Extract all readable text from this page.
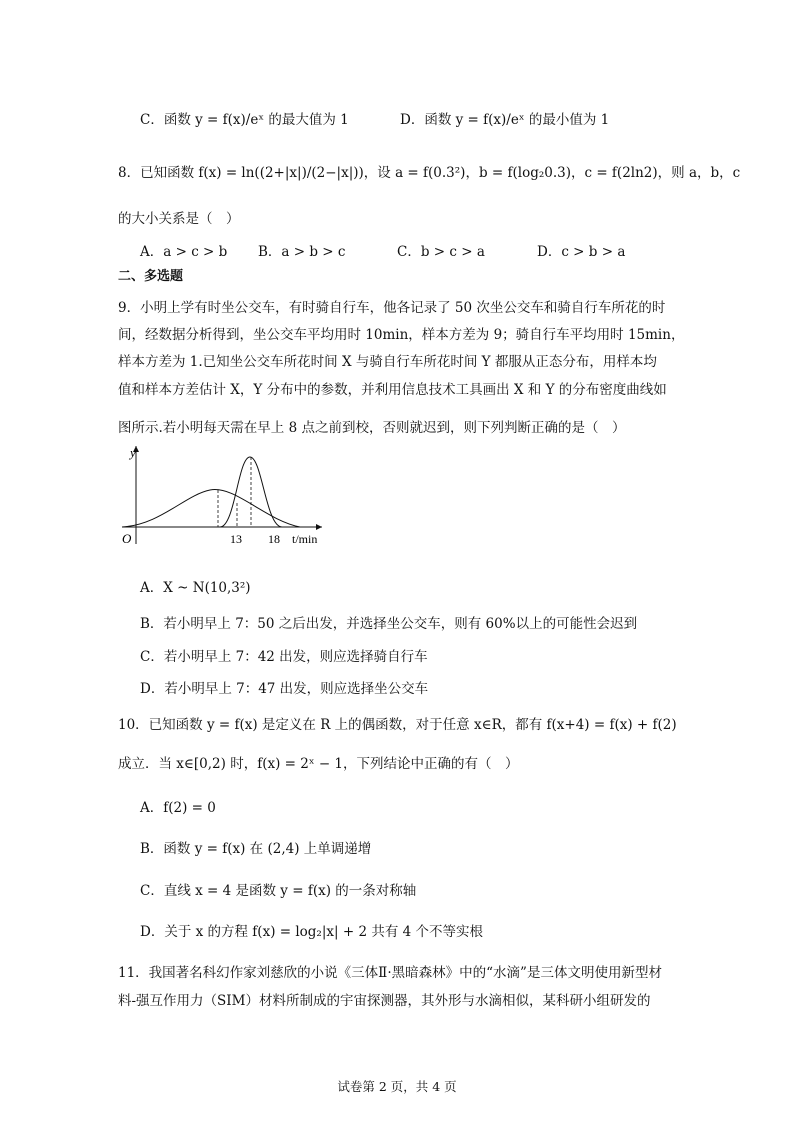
C．函数 y = f(x)/eˣ 的最大值为 1	D．函数 y = f(x)/eˣ 的最小值为 1
8．已知函数 f(x) = ln((2+|x|)/(2−|x|))，设 a = f(0.3²)，b = f(log₂0.3)，c = f(2ln2)，则 a，b，c
的大小关系是（　）
A．a > c > b B．a > b > c	C．b > c > a	D．c > b > a
二、多选题
9．小明上学有时坐公交车，有时骑自行车，他各记录了 50 次坐公交车和骑自行车所花的时
间，经数据分析得到，坐公交车平均用时 10min，样本方差为 9；骑自行车平均用时 15min，
样本方差为 1.已知坐公交车所花时间 X 与骑自行车所花时间 Y 都服从正态分布，用样本均
值和样本方差估计 X，Y 分布中的参数，并利用信息技术工具画出 X 和 Y 的分布密度曲线如
图所示.若小明每天需在早上 8 点之前到校，否则就迟到，则下列判断正确的是（　）
y
O	13 18 t/min
A．X ~ N(10,3²)
B．若小明早上 7：50 之后出发，并选择坐公交车，则有 60%以上的可能性会迟到
C．若小明早上 7：42 出发，则应选择骑自行车
D．若小明早上 7：47 出发，则应选择坐公交车
10．已知函数 y = f(x) 是定义在 R 上的偶函数，对于任意 x∈R，都有 f(x+4) = f(x) + f(2)
成立．当 x∈[0,2) 时，f(x) = 2ˣ − 1，下列结论中正确的有（　）
A．f(2) = 0
B．函数 y = f(x) 在 (2,4) 上单调递增
C．直线 x = 4 是函数 y = f(x) 的一条对称轴
D．关于 x 的方程 f(x) = log₂|x| + 2 共有 4 个不等实根
11．我国著名科幻作家刘慈欣的小说《三体Ⅱ·黑暗森林》中的“水滴”是三体文明使用新型材
料-强互作用力（SIM）材料所制成的宇宙探测器，其外形与水滴相似，某科研小组研发的
试卷第 2 页，共 4 页
